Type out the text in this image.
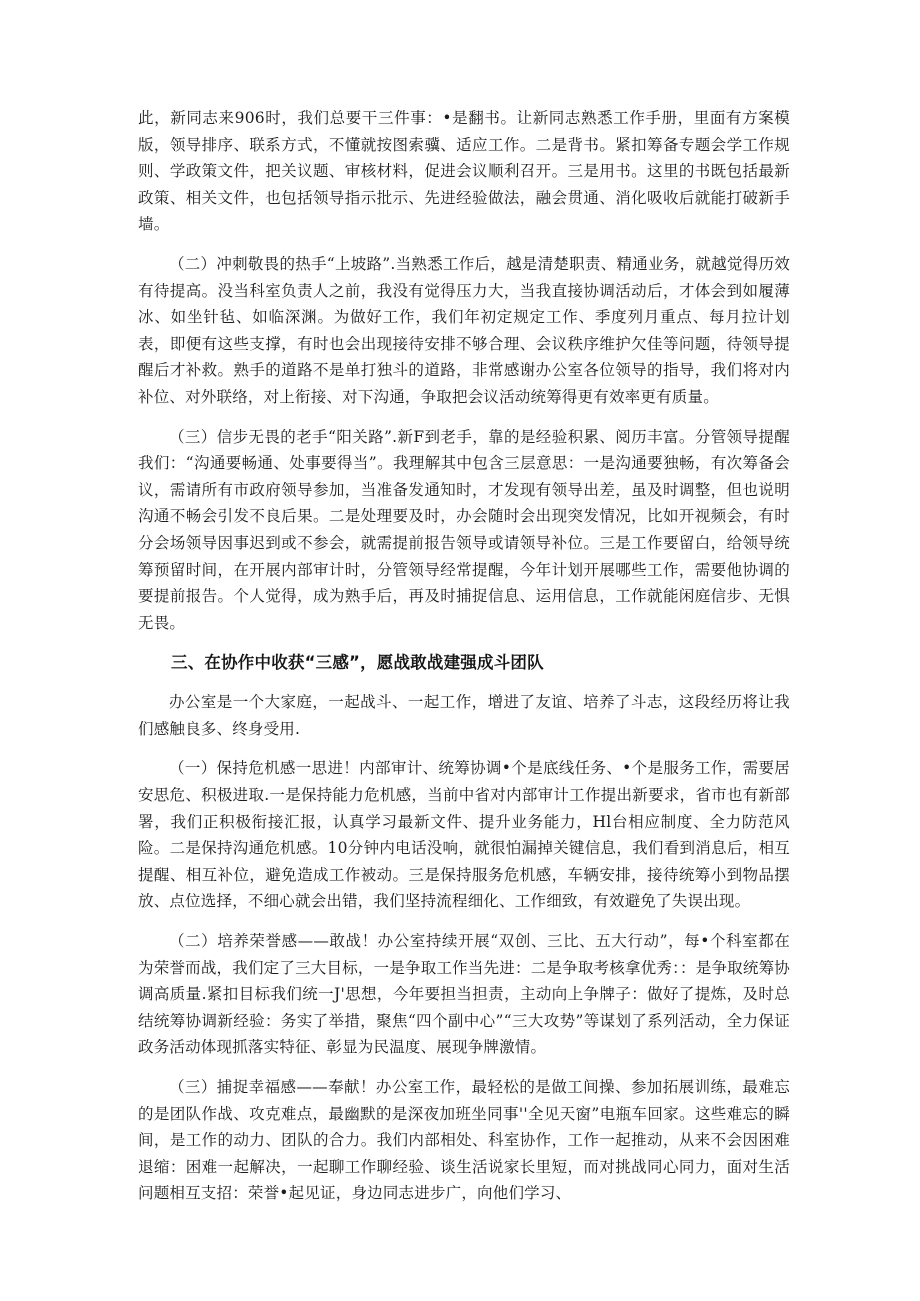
此，新同志来906时，我们总要干三件事：•是翻书。让新同志熟悉工作手册，里面有方案模版，领导排序、联系方式，不懂就按图索骥、适应工作。二是背书。紧扣筹备专题会学工作规则、学政策文件，把关议题、审核材料，促进会议顺利召开。三是用书。这里的书既包括最新政策、相关文件，也包括领导指示批示、先进经验做法，融会贯通、消化吸收后就能打破新手墙。

（二）冲刺敬畏的热手“上坡路”.当熟悉工作后，越是清楚职责、精通业务，就越觉得历效有待提高。没当科室负责人之前，我没有觉得压力大，当我直接协调活动后，才体会到如履薄冰、如坐针毡、如临深渊。为做好工作，我们年初定规定工作、季度列月重点、每月拉计划表，即便有这些支撑，有时也会出现接待安排不够合理、会议秩序维护欠佳等问题，待领导提醒后才补救。熟手的道路不是单打独斗的道路，非常感谢办公室各位领导的指导，我们将对内补位、对外联络，对上衔接、对下沟通，争取把会议活动统筹得更有效率更有质量。

（三）信步无畏的老手“阳关路”.新F到老手，靠的是经验积累、阅历丰富。分管领导提醒我们：“沟通要畅通、处事要得当”。我理解其中包含三层意思：一是沟通要独畅，有次筹备会议，需请所有市政府领导参加，当准备发通知时，才发现有领导出差，虽及时调整，但也说明沟通不畅会引发不良后果。二是处理要及时，办会随时会出现突发情况，比如开视频会，有时分会场领导因事迟到或不参会，就需提前报告领导或请领导补位。三是工作要留白，给领导统筹预留时间，在开展内部审计时，分管领导经常提醒，今年计划开展哪些工作，需要他协调的要提前报告。个人觉得，成为熟手后，再及时捕捉信息、运用信息，工作就能闲庭信步、无惧无畏。

三、在协作中收获“三感”，愿战敢战建强成斗团队

办公室是一个大家庭，一起战斗、一起工作，增进了友谊、培养了斗志，这段经历将让我们感触良多、终身受用.

（一）保持危机感一思进！内部审计、统筹协调•个是底线任务、•个是服务工作，需要居安思危、积极进取.一是保持能力危机感，当前中省对内部审计工作提出新要求，省市也有新部署，我们正积极衔接汇报，认真学习最新文件、提升业务能力，Hl台相应制度、全力防范风险。二是保持沟通危机感。10分钟内电话没响，就很怕漏掉关键信息，我们看到消息后，相互提醒、相互补位，避免造成工作被动。三是保持服务危机感，车辆安排，接待统筹小到物品摆放、点位选择，不细心就会出错，我们坚持流程细化、工作细致，有效避免了失误出现。

（二）培养荣誉感——敢战！办公室持续开展“双创、三比、五大行动”，每•个科室都在为荣誉而战，我们定了三大目标，一是争取工作当先进：二是争取考核拿优秀：：是争取统筹协调高质量.紧扣目标我们统一J'思想，今年要担当担责，主动向上争牌子：做好了提炼，及时总结统筹协调新经验：务实了举措，聚焦“四个副中心”“三大攻势”等谋划了系列活动，全力保证政务活动体现抓落实特征、彰显为民温度、展现争牌激情。

（三）捕捉幸福感——奉献！办公室工作，最轻松的是做工间操、参加拓展训练，最难忘的是团队作战、攻克难点，最幽默的是深夜加班坐同事''全见天窗”电瓶车回家。这些难忘的瞬间，是工作的动力、团队的合力。我们内部相处、科室协作，工作一起推动，从来不会因困难退缩：困难一起解决，一起聊工作聊经验、谈生活说家长里短，而对挑战同心同力，面对生活问题相互支招：荣誉•起见证，身边同志进步广，向他们学习、
